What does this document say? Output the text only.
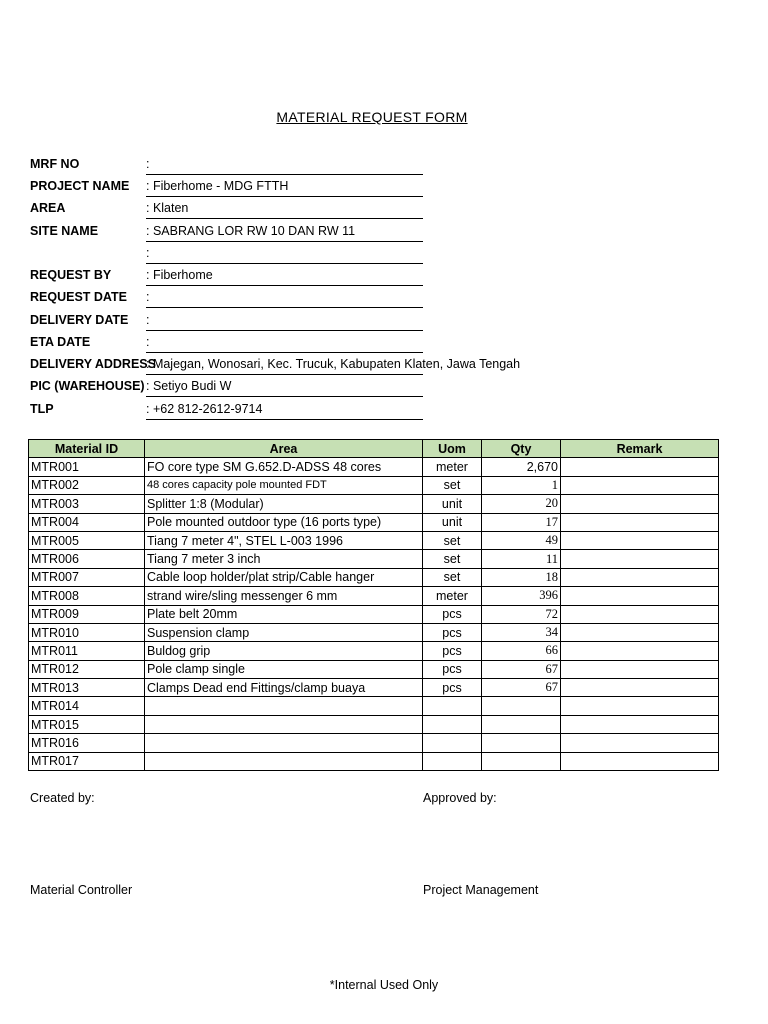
MATERIAL REQUEST FORM
MRF NO	:
PROJECT NAME : Fiberhome - MDG FTTH
AREA	: Klaten
SITE NAME	: SABRANG LOR RW 10 DAN RW 11
:
REQUEST BY	: Fiberhome
REQUEST DATE :
DELIVERY DATE :
ETA DATE	:
DELIVERY ADDRESS
: Majegan, Wonosari, Kec. Trucuk, Kabupaten Klaten, Jawa Tengah
PIC (WAREHOUSE) : Setiyo Budi W
TLP	: +62 812-2612-9714
Material ID	Area	Uom	Qty	Remark
MTR001	FO core type SM G.652.D-ADSS 48 cores	meter	2,670	
MTR002	48 cores capacity pole mounted FDT	set	1	
MTR003	Splitter 1:8 (Modular)	unit	20	
MTR004	Pole mounted outdoor type (16 ports type)	unit	17	
MTR005	Tiang 7 meter 4", STEL L-003 1996	set	49	
MTR006	Tiang 7 meter 3 inch	set	11	
MTR007	Cable loop holder/plat strip/Cable hanger	set	18	
MTR008	strand wire/sling messenger 6 mm	meter	396	
MTR009	Plate belt 20mm	pcs	72	
MTR010	Suspension clamp	pcs	34	
MTR011	Buldog grip	pcs	66	
MTR012	Pole clamp single	pcs	67	
MTR013	Clamps Dead end Fittings/clamp buaya	pcs	67	
MTR014				
MTR015				
MTR016				
MTR017				
Created by:	Approved by:
Material Controller	Project Management
*Internal Used Only
